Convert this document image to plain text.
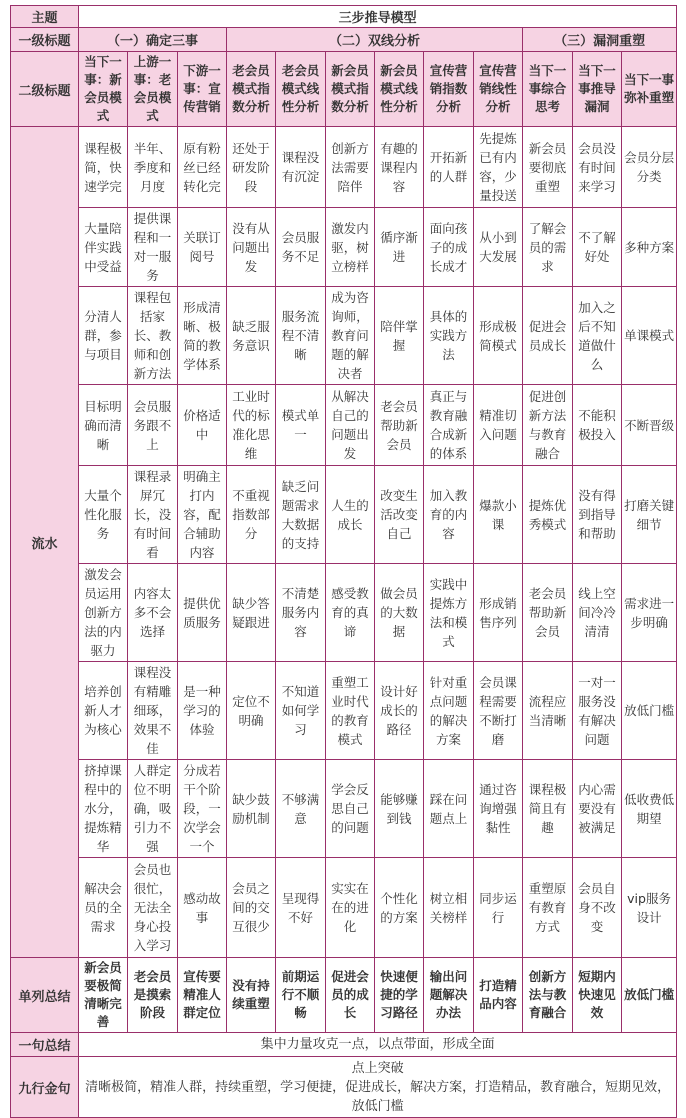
主题	三步推导模型											
一级标题	（一）确定三事			（二）双线分析						（三）漏洞重塑		
二级标题	当下一事：新会员模式	上游一事：老会员模式	下游一事：宣传营销	老会员模式指数分析	老会员模式线性分析	新会员模式指数分析	新会员模式线性分析	宣传营销指数分析	宣传营销线性分析	当下一事综合思考	当下一事推导漏洞	当下一事弥补重塑
流水	课程极简，快速学完	半年、季度和月度	原有粉丝已经转化完	还处于研发阶段	课程没有沉淀	创新方法需要陪伴	有趣的课程内容	开拓新的人群	先提炼已有内容，少量投送	新会员要彻底重塑	会员没有时间来学习	会员分层分类
	大量陪伴实践中受益	提供课程和一对一服务	关联订阅号	没有从问题出发	会员服务不足	激发内驱，树立榜样	循序渐进	面向孩子的成长成才	从小到大发展	了解会员的需求	不了解好处	多种方案
	分清人群，参与项目	课程包括家长、教师和创新方法	形成清晰、极简的教学体系	缺乏服务意识	服务流程不清晰	成为咨询师，教育问题的解决者	陪伴掌握	具体的实践方法	形成极简模式	促进会员成长	加入之后不知道做什么	单课模式
	目标明确而清晰	会员服务跟不上	价格适中	工业时代的标准化思维	模式单一	从解决自己的问题出发	老会员帮助新会员	真正与教育融合成新的体系	精准切入问题	促进创新方法与教育融合	不能积极投入	不断晋级
	大量个性化服务	课程录屏冗长，没有时间看	明确主打内容，配合辅助内容	不重视指数部分	缺乏问题需求大数据的支持	人生的成长	改变生活改变自己	加入教育的内容	爆款小课	提炼优秀模式	没有得到指导和帮助	打磨关键细节
	激发会员运用创新方法的内驱力	内容太多不会选择	提供优质服务	缺少答疑跟进	不清楚服务内容	感受教育的真谛	做会员的大数据	实践中提炼方法和模式	形成销售序列	老会员帮助新会员	线上空间冷冷清清	需求进一步明确
	培养创新人才为核心	课程没有精雕细琢，效果不佳	是一种学习的体验	定位不明确	不知道如何学习	重塑工业时代的教育模式	设计好成长的路径	针对重点问题的解决方案	会员课程需要不断打磨	流程应当清晰	一对一服务没有解决问题	放低门槛
	挤掉课程中的水分，提炼精华	人群定位不明确，吸引力不强	分成若干个阶段，一次学会一个	缺少鼓励机制	不够满意	学会反思自己的问题	能够赚到钱	踩在问题点上	通过咨询增强黏性	课程极简且有趣	内心需要没有被满足	低收费低期望
	解决会员的全需求	会员也很忙，无法全身心投入学习	感动故事	会员之间的交互很少	呈现得不好	实实在在的进化	个性化的方案	树立相关榜样	同步运行	重塑原有教育方式	会员自身不改变	vip服务设计
单列总结	新会员要极简清晰完善	老会员是摸索阶段	宣传要精准人群定位	没有持续重塑	前期运行不顺畅	促进会员的成长	快速便捷的学习路径	输出问题解决办法	打造精品内容	创新方法与教育融合	短期内快速见效	放低门槛
一句总结	集中力量攻克一点，以点带面，形成全面											
九行金句	点上突破
清晰极简，精准人群，持续重塑，学习便捷，促进成长，解决方案，打造精品，教育融合，短期见效，放低门槛											
